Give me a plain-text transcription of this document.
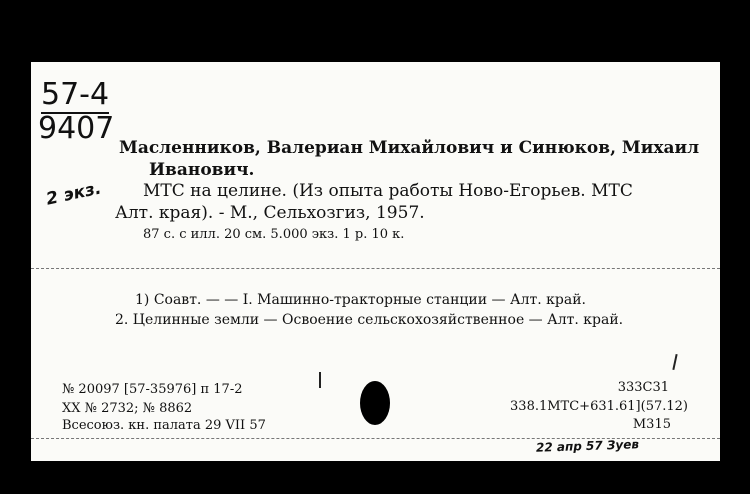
57-4
9407
2 экз.
Масленников, Валериан Михайлович и Синюков, Михаил
Иванович.
МТС на целине. (Из опыта работы Ново-Егорьев. МТС
Алт. края). - М., Сельхозгиз, 1957.
87 с. с илл. 20 см. 5.000 экз. 1 р. 10 к.
1) Соавт. — — I. Машинно-тракторные станции — Алт. край.
2. Целинные земли — Освоение сельскохозяйственное — Алт. край.
№ 20097 [57-35976] п 17-2
XX № 2732; № 8862
Всесоюз. кн. палата 29 VII 57
333С31
338.1МТС+631.61](57.12)
М315
22 апр 57 Зуев
